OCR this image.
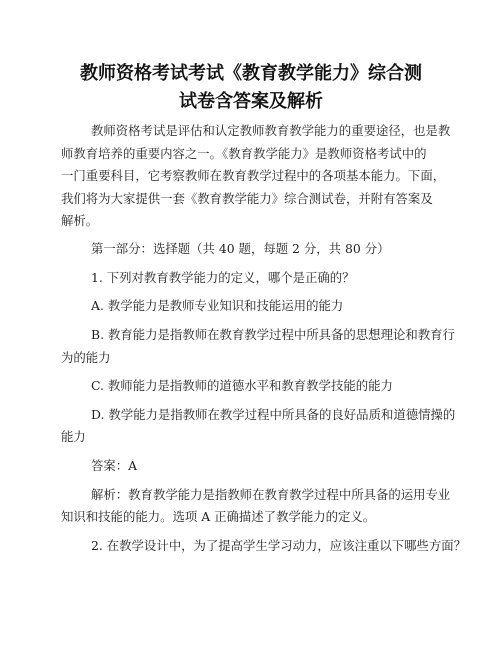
教师资格考试考试《教育教学能力》综合测
试卷含答案及解析
教师资格考试是评估和认定教师教育教学能力的重要途径，也是教
师教育培养的重要内容之一。《教育教学能力》是教师资格考试中的
一门重要科目，它考察教师在教育教学过程中的各项基本能力。下面，
我们将为大家提供一套《教育教学能力》综合测试卷，并附有答案及
解析。
第一部分：选择题（共 40 题，每题 2 分，共 80 分）
1. 下列对教育教学能力的定义，哪个是正确的？
A. 教学能力是教师专业知识和技能运用的能力
B. 教育能力是指教师在教育教学过程中所具备的思想理论和教育行
为的能力
C. 教师能力是指教师的道德水平和教育教学技能的能力
D. 教学能力是指教师在教学过程中所具备的良好品质和道德情操的
能力
答案：A
解析：教育教学能力是指教师在教育教学过程中所具备的运用专业
知识和技能的能力。选项 A 正确描述了教学能力的定义。
2. 在教学设计中，为了提高学生学习动力，应该注重以下哪些方面？
